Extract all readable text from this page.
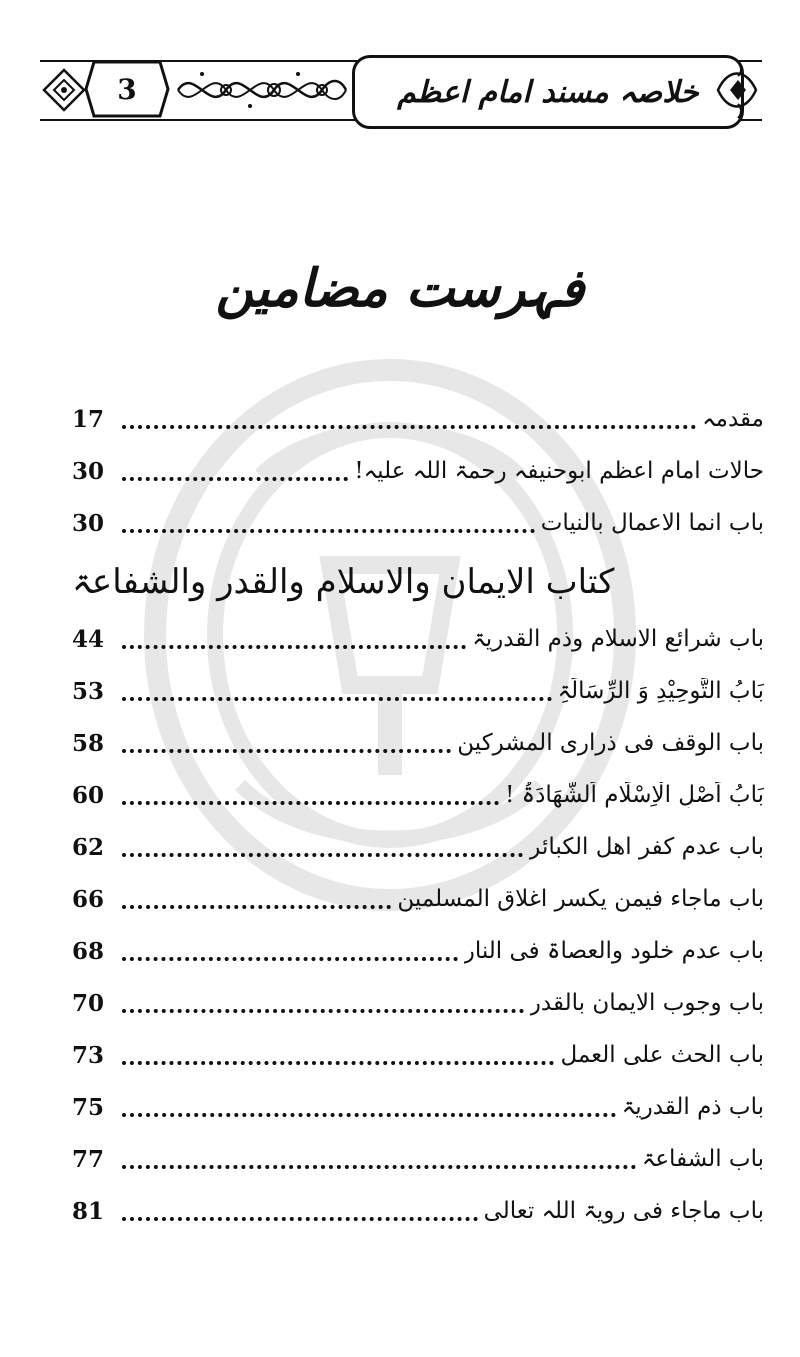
3	خلاصہ مسند امام اعظم
فہرست مضامین
17	مقدمہ
30	حالات امام اعظم ابوحنیفہ رحمۃ اللہ علیہ!
30	باب انما الاعمال بالنیات
کتاب الایمان والاسلام والقدر والشفاعۃ
44	باب شرائع الاسلام وذم القدریۃ
53	بَابُ التَّوحِیْدِ وَ الرِّسَالَۃِ
58	باب الوقف فی ذراری المشرکین
60	بَابُ اَصْلِ الْاِسْلَامِ اَلشَّهَادَۃُ !
62	باب عدم کفر اھل الکبائر
66	باب ماجاء فیمن یکسر اغلاق المسلمین
68	باب عدم خلود والعصاۃ فی النار
70	باب وجوب الایمان بالقدر
73	باب الحث علی العمل
75	باب ذم القدریۃ
77	باب الشفاعۃ
81	باب ماجاء فی رویۃ اللہ تعالی
